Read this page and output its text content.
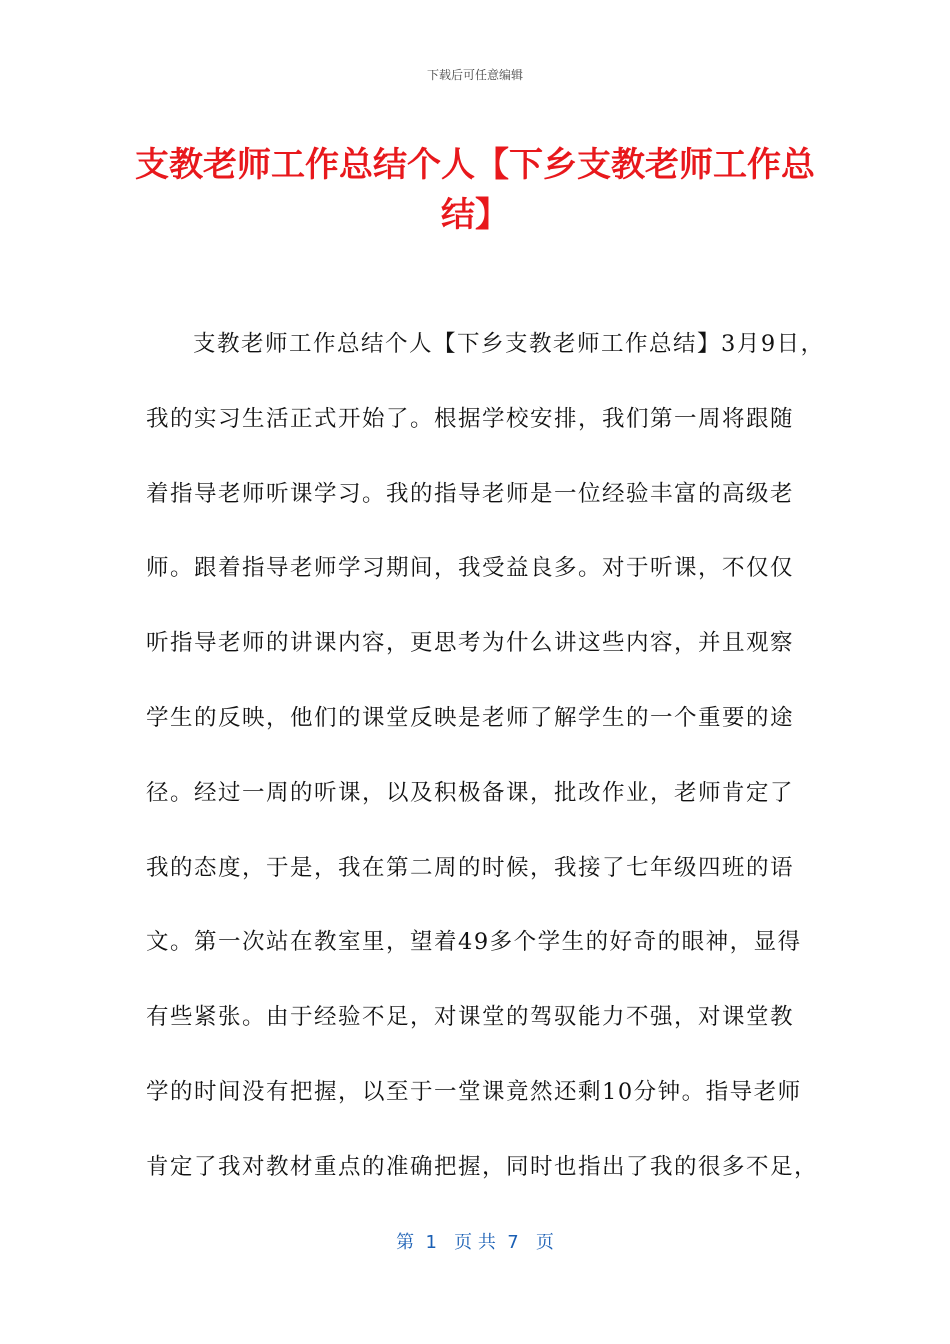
下载后可任意编辑
支教老师工作总结个人【下乡支教老师工作总结】
支教老师工作总结个人【下乡支教老师工作总结】3月9日，
我的实习生活正式开始了。根据学校安排，我们第一周将跟随
着指导老师听课学习。我的指导老师是一位经验丰富的高级老
师。跟着指导老师学习期间，我受益良多。对于听课，不仅仅
听指导老师的讲课内容，更思考为什么讲这些内容，并且观察
学生的反映，他们的课堂反映是老师了解学生的一个重要的途
径。经过一周的听课，以及积极备课，批改作业，老师肯定了
我的态度，于是，我在第二周的时候，我接了七年级四班的语
文。第一次站在教室里，望着49多个学生的好奇的眼神，显得
有些紧张。由于经验不足，对课堂的驾驭能力不强，对课堂教
学的时间没有把握，以至于一堂课竟然还剩10分钟。指导老师
肯定了我对教材重点的准确把握，同时也指出了我的很多不足，
第  1   页 共  7   页
